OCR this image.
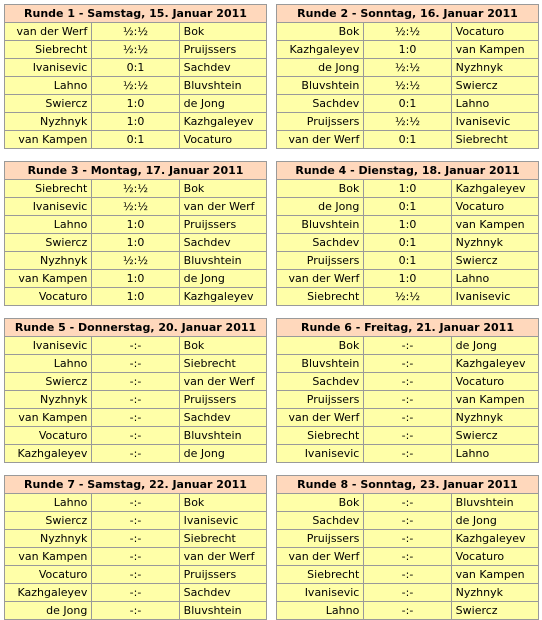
Runde 1 - Samstag, 15. Januar 2011		
van der Werf	½:½	Bok
Siebrecht	½:½	Pruijssers
Ivanisevic	0:1	Sachdev
Lahno	½:½	Bluvshtein
Swiercz	1:0	de Jong
Nyzhnyk	1:0	Kazhgaleyev
van Kampen	0:1	Vocaturo
Runde 2 - Sonntag, 16. Januar 2011		
Bok	½:½	Vocaturo
Kazhgaleyev	1:0	van Kampen
de Jong	½:½	Nyzhnyk
Bluvshtein	½:½	Swiercz
Sachdev	0:1	Lahno
Pruijssers	½:½	Ivanisevic
van der Werf	0:1	Siebrecht
Runde 3 - Montag, 17. Januar 2011		
Siebrecht	½:½	Bok
Ivanisevic	½:½	van der Werf
Lahno	1:0	Pruijssers
Swiercz	1:0	Sachdev
Nyzhnyk	½:½	Bluvshtein
van Kampen	1:0	de Jong
Vocaturo	1:0	Kazhgaleyev
Runde 4 - Dienstag, 18. Januar 2011		
Bok	1:0	Kazhgaleyev
de Jong	0:1	Vocaturo
Bluvshtein	1:0	van Kampen
Sachdev	0:1	Nyzhnyk
Pruijssers	0:1	Swiercz
van der Werf	1:0	Lahno
Siebrecht	½:½	Ivanisevic
Runde 5 - Donnerstag, 20. Januar 2011		
Ivanisevic	-:-	Bok
Lahno	-:-	Siebrecht
Swiercz	-:-	van der Werf
Nyzhnyk	-:-	Pruijssers
van Kampen	-:-	Sachdev
Vocaturo	-:-	Bluvshtein
Kazhgaleyev	-:-	de Jong
Runde 6 - Freitag, 21. Januar 2011		
Bok	-:-	de Jong
Bluvshtein	-:-	Kazhgaleyev
Sachdev	-:-	Vocaturo
Pruijssers	-:-	van Kampen
van der Werf	-:-	Nyzhnyk
Siebrecht	-:-	Swiercz
Ivanisevic	-:-	Lahno
Runde 7 - Samstag, 22. Januar 2011		
Lahno	-:-	Bok
Swiercz	-:-	Ivanisevic
Nyzhnyk	-:-	Siebrecht
van Kampen	-:-	van der Werf
Vocaturo	-:-	Pruijssers
Kazhgaleyev	-:-	Sachdev
de Jong	-:-	Bluvshtein
Runde 8 - Sonntag, 23. Januar 2011		
Bok	-:-	Bluvshtein
Sachdev	-:-	de Jong
Pruijssers	-:-	Kazhgaleyev
van der Werf	-:-	Vocaturo
Siebrecht	-:-	van Kampen
Ivanisevic	-:-	Nyzhnyk
Lahno	-:-	Swiercz
